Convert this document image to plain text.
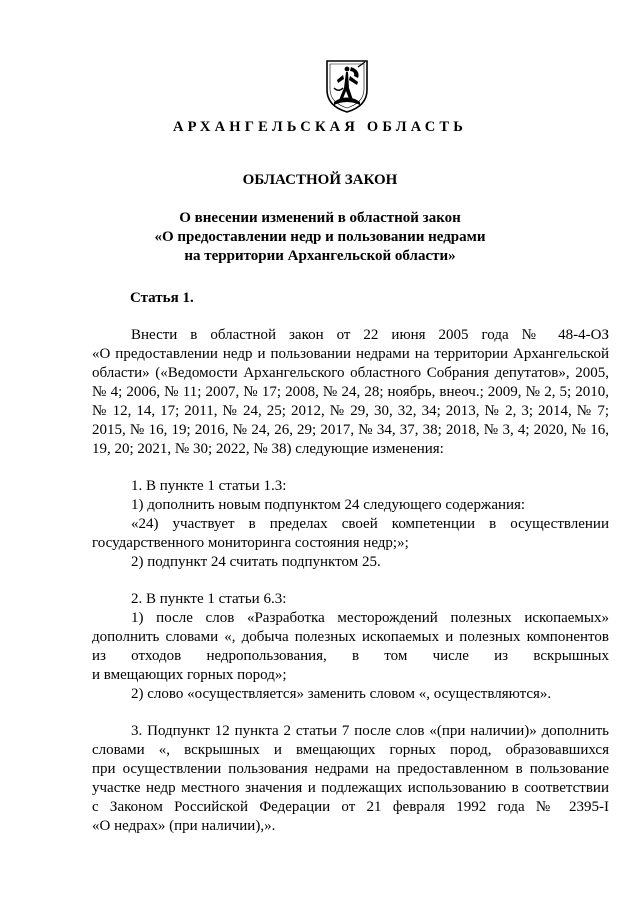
АРХАНГЕЛЬСКАЯ ОБЛАСТЬ
ОБЛАСТНОЙ ЗАКОН
О внесении изменений в областной закон
«О предоставлении недр и пользовании недрами
на территории Архангельской области»
Статья 1.
Внести в областной закон от 22 июня 2005 года № 48-4-ОЗ
«О предоставлении недр и пользовании недрами на территории Архангельской
области» («Ведомости Архангельского областного Собрания депутатов», 2005,
№ 4; 2006, № 11; 2007, № 17; 2008, № 24, 28; ноябрь, внеоч.; 2009, № 2, 5; 2010,
№ 12, 14, 17; 2011, № 24, 25; 2012, № 29, 30, 32, 34; 2013, № 2, 3; 2014, № 7;
2015, № 16, 19; 2016, № 24, 26, 29; 2017, № 34, 37, 38; 2018, № 3, 4; 2020, № 16,
19, 20; 2021, № 30; 2022, № 38) следующие изменения:
1. В пункте 1 статьи 1.3:
1) дополнить новым подпунктом 24 следующего содержания:
«24) участвует в пределах своей компетенции в осуществлении
государственного мониторинга состояния недр;»;
2) подпункт 24 считать подпунктом 25.
2. В пункте 1 статьи 6.3:
1) после слов «Разработка месторождений полезных ископаемых»
дополнить словами «, добыча полезных ископаемых и полезных компонентов
из отходов недропользования, в том числе из вскрышных
и вмещающих горных пород»;
2) слово «осуществляется» заменить словом «, осуществляются».
3. Подпункт 12 пункта 2 статьи 7 после слов «(при наличии)» дополнить
словами «, вскрышных и вмещающих горных пород, образовавшихся
при осуществлении пользования недрами на предоставленном в пользование
участке недр местного значения и подлежащих использованию в соответствии
с Законом Российской Федерации от 21 февраля 1992 года № 2395-I
«О недрах» (при наличии),».
